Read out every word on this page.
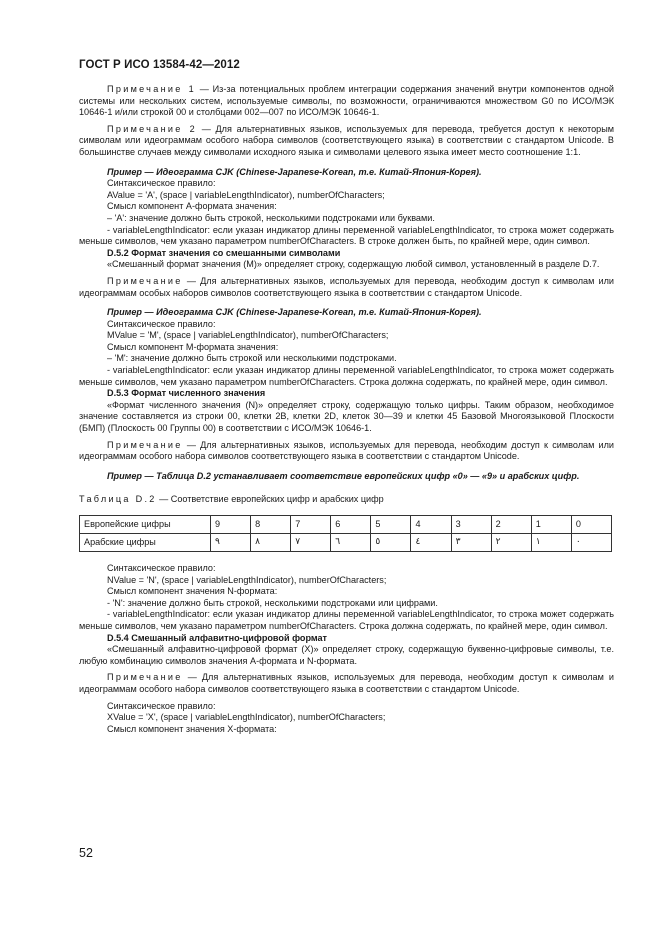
ГОСТ Р ИСО 13584-42—2012

Примечание 1 — Из-за потенциальных проблем интеграции содержания значений внутри компонентов одной системы или нескольких систем, используемые символы, по возможности, ограничиваются множеством G0 по ИСО/МЭК 10646-1 и/или строкой 00 и столбцами 002—007 по ИСО/МЭК 10646-1.

Примечание 2 — Для альтернативных языков, используемых для перевода, требуется доступ к некоторым символам или идеограммам особого набора символов (соответствующего языка) в соответствии с стандартом Unicode. В большинстве случаев между символами исходного языка и символами целевого языка имеет место соотношение 1:1.

Пример — Идеограмма CJK (Chinese-Japanese-Korean, т.е. Китай-Япония-Корея).

Синтаксическое правило:

AValue = 'A', (space | variableLengthIndicator), numberOfCharacters;

Смысл компонент А-формата значения:

– 'A': значение должно быть строкой, несколькими подстроками или буквами.

- variableLengthIndicator: если указан индикатор длины переменной variableLengthIndicator, то строка может содержать меньше символов, чем указано параметром numberOfCharacters. В строке должен быть, по крайней мере, один символ.

D.5.2 Формат значения со смешанными символами

«Смешанный формат значения (М)» определяет строку, содержащую любой символ, установленный в разделе D.7.

Примечание — Для альтернативных языков, используемых для перевода, необходим доступ к символам или идеограммам особых наборов символов соответствующего языка в соответствии с стандартом Unicode.

Пример — Идеограмма CJK (Chinese-Japanese-Korean, т.е. Китай-Япония-Корея).

Синтаксическое правило:

MValue = 'M', (space | variableLengthIndicator), numberOfCharacters;

Смысл компонент М-формата значения:

– 'M': значение должно быть строкой или несколькими подстроками.

- variableLengthIndicator: если указан индикатор длины переменной variableLengthIndicator, то строка может содержать меньше символов, чем указано параметром numberOfCharacters. Строка должна содержать, по крайней мере, один символ.

D.5.3 Формат численного значения

«Формат численного значения (N)» определяет строку, содержащую только цифры. Таким образом, необходимое значение составляется из строки 00, клетки 2В, клетки 2D, клеток 30—39 и клетки 45 Базовой Многоязыковой Плоскости (БМП) (Плоскость 00 Группы 00) в соответствии с ИСО/МЭК 10646-1.

Примечание — Для альтернативных языков, используемых для перевода, необходим доступ к символам или идеограммам особого набора символов соответствующего языка в соответствии с стандартом Unicode.

Пример — Таблица D.2 устанавливает соответствие европейских цифр «0» — «9» и арабских цифр.

Таблица D.2 — Соответствие европейских цифр и арабских цифр

Европейские цифры	9	8	7	6	5	4	3	2	1	0
Арабские цифры	٩	٨	٧	٦	٥	٤	٣	٢	١	٠

Синтаксическое правило:

NValue = 'N', (space | variableLengthIndicator), numberOfCharacters;

Смысл компонент значения N-формата:

- 'N': значение должно быть строкой, несколькими подстроками или цифрами.

- variableLengthIndicator: если указан индикатор длины переменной variableLengthIndicator, то строка может содержать меньше символов, чем указано параметром numberOfCharacters. Строка должна содержать, по крайней мере, один символ.

D.5.4 Смешанный алфавитно-цифровой формат

«Смешанный алфавитно-цифровой формат (X)» определяет строку, содержащую буквенно-цифровые символы, т.е. любую комбинацию символов значения А-формата и N-формата.

Примечание — Для альтернативных языков, используемых для перевода, необходим доступ к символам и идеограммам особого набора символов соответствующего языка в соответствии с стандартом Unicode.

Синтаксическое правило:

XValue = 'X', (space | variableLengthIndicator), numberOfCharacters;

Смысл компонент значения X-формата:

52
